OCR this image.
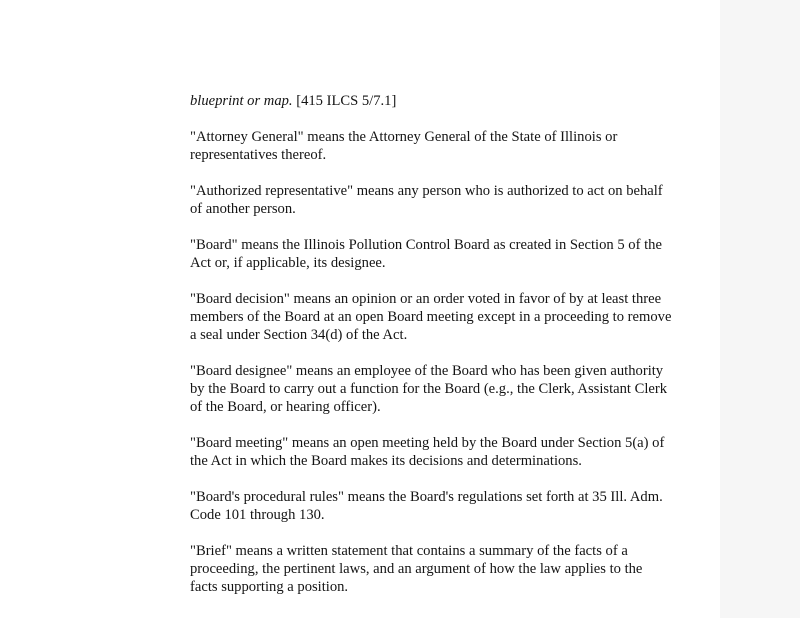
blueprint or map. [415 ILCS 5/7.1]

"Attorney General" means the Attorney General of the State of Illinois or
representatives thereof.

"Authorized representative" means any person who is authorized to act on behalf
of another person.

"Board" means the Illinois Pollution Control Board as created in Section 5 of the
Act or, if applicable, its designee.

"Board decision" means an opinion or an order voted in favor of by at least three
members of the Board at an open Board meeting except in a proceeding to remove
a seal under Section 34(d) of the Act.

"Board designee" means an employee of the Board who has been given authority
by the Board to carry out a function for the Board (e.g., the Clerk, Assistant Clerk
of the Board, or hearing officer).

"Board meeting" means an open meeting held by the Board under Section 5(a) of
the Act in which the Board makes its decisions and determinations.

"Board's procedural rules" means the Board's regulations set forth at 35 Ill. Adm.
Code 101 through 130.

"Brief" means a written statement that contains a summary of the facts of a
proceeding, the pertinent laws, and an argument of how the law applies to the
facts supporting a position.
